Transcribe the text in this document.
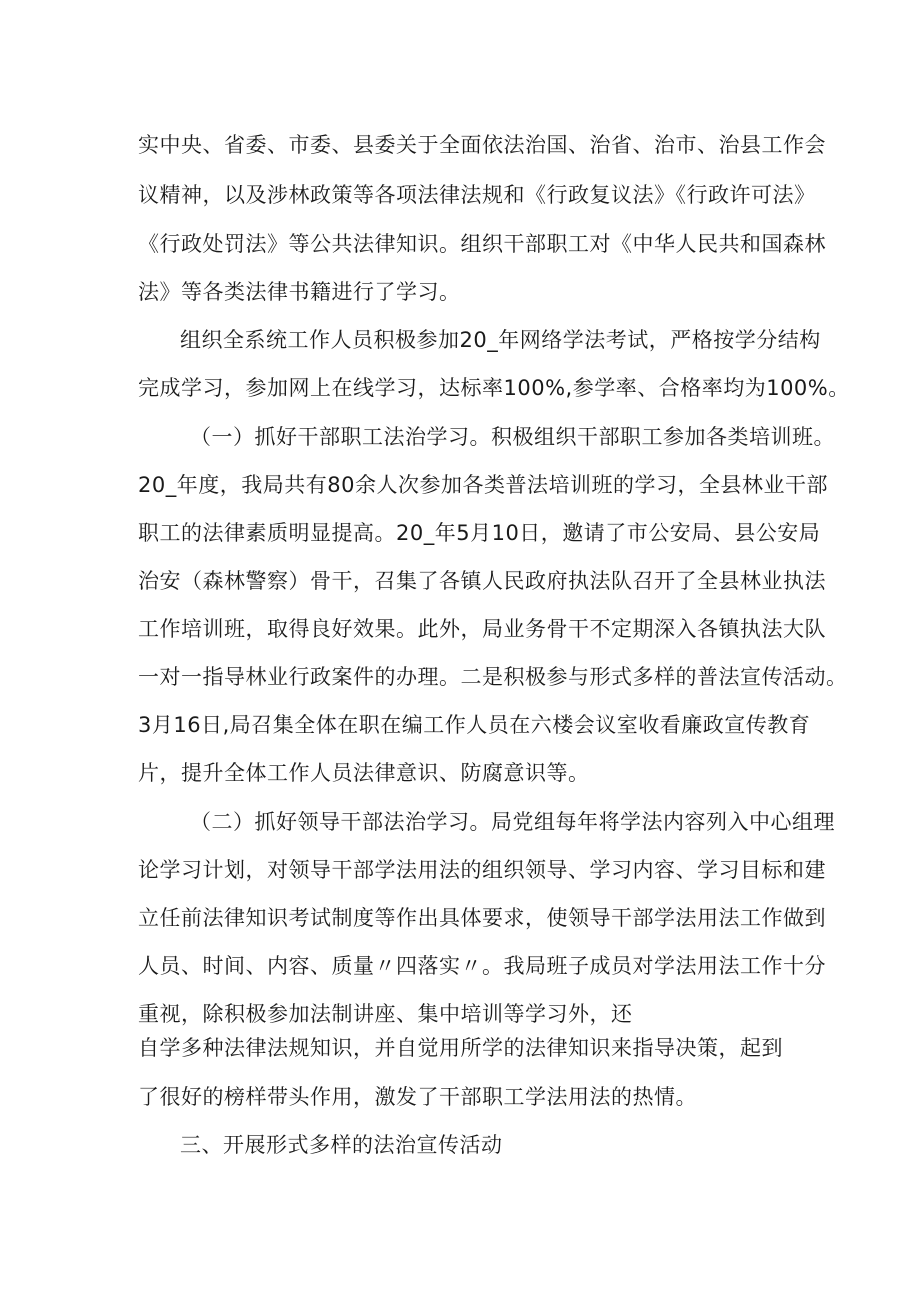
实中央、省委、市委、县委关于全面依法治国、治省、治市、治县工作会
议精神，以及涉林政策等各项法律法规和《行政复议法》《行政许可法》
《行政处罚法》等公共法律知识。组织干部职工对《中华人民共和国森林
法》等各类法律书籍进行了学习。
组织全系统工作人员积极参加20_年网络学法考试，严格按学分结构
完成学习，参加网上在线学习，达标率100%,参学率、合格率均为100%。
（一）抓好干部职工法治学习。积极组织干部职工参加各类培训班。
20_年度，我局共有80余人次参加各类普法培训班的学习，全县林业干部
职工的法律素质明显提高。20_年5月10日，邀请了市公安局、县公安局
治安（森林警察）骨干，召集了各镇人民政府执法队召开了全县林业执法
工作培训班，取得良好效果。此外，局业务骨干不定期深入各镇执法大队
一对一指导林业行政案件的办理。二是积极参与形式多样的普法宣传活动。
3月16日,局召集全体在职在编工作人员在六楼会议室收看廉政宣传教育
片，提升全体工作人员法律意识、防腐意识等。
（二）抓好领导干部法治学习。局党组每年将学法内容列入中心组理
论学习计划，对领导干部学法用法的组织领导、学习内容、学习目标和建
立任前法律知识考试制度等作出具体要求，使领导干部学法用法工作做到
人员、时间、内容、质量〃四落实〃。我局班子成员对学法用法工作十分
重视，除积极参加法制讲座、集中培训等学习外，还
自学多种法律法规知识，并自觉用所学的法律知识来指导决策，起到
了很好的榜样带头作用，激发了干部职工学法用法的热情。
三、开展形式多样的法治宣传活动
